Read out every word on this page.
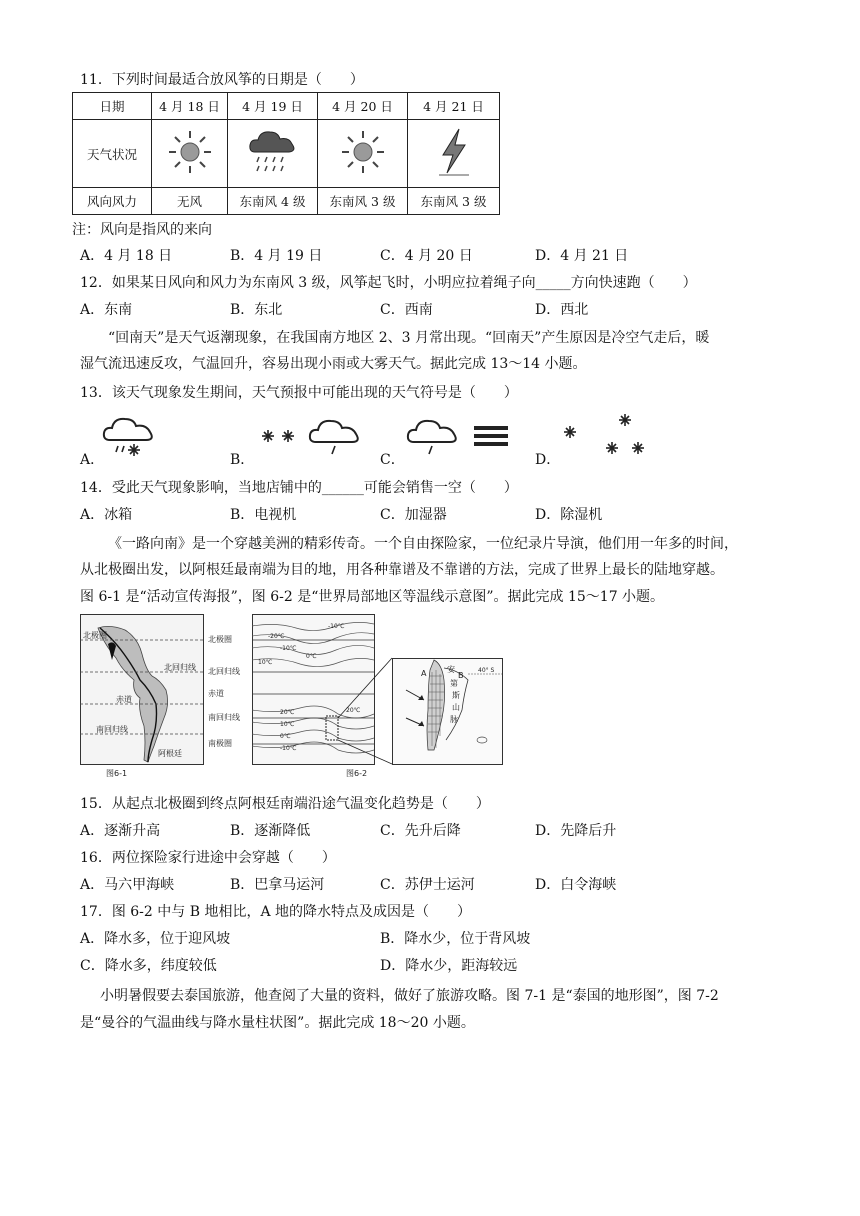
11．下列时间最适合放风筝的日期是（　　）
日期	4 月 18 日	4 月 19 日	4 月 20 日	4 月 21 日
天气状况				
风向风力	无风	东南风 4 级	东南风 3 级	东南风 3 级
注：风向是指风的来向
A．4 月 18 日	B．4 月 19 日	C．4 月 20 日	D．4 月 21 日
12．如果某日风向和风力为东南风 3 级，风筝起飞时，小明应拉着绳子向_____方向快速跑（　　）
A．东南	B．东北	C．西南	D．西北
“回南天”是天气返潮现象，在我国南方地区 2、3 月常出现。“回南天”产生原因是冷空气走后，暖
湿气流迅速反攻，气温回升，容易出现小雨或大雾天气。据此完成 13～14 小题。
13．该天气现象发生期间，天气预报中可能出现的天气符号是（　　）
A．	B．	C．	D．
14．受此天气现象影响，当地店铺中的______可能会销售一空（　　）
A．冰箱	B．电视机	C．加湿器	D．除湿机
《一路向南》是一个穿越美洲的精彩传奇。一个自由探险家，一位纪录片导演，他们用一年多的时间，
从北极圈出发，以阿根廷最南端为目的地，用各种靠谱及不靠谱的方法，完成了世界上最长的陆地穿越。
图 6-1 是“活动宣传海报”，图 6-2 是“世界局部地区等温线示意图”。据此完成 15～17 小题。
北极圈
北回归线
赤道
南回归线
阿根廷
图6-1
北极圈
北回归线
赤道
南回归线
南极圈
-10℃
-20℃
-10℃
0℃
10℃
20℃	20℃
10℃
0℃
-10℃
图6-2
40° S
A	B
安
第
斯
山
脉
15．从起点北极圈到终点阿根廷南端沿途气温变化趋势是（　　）
A．逐渐升高	B．逐渐降低	C．先升后降	D．先降后升
16．两位探险家行进途中会穿越（　　）
A．马六甲海峡	B．巴拿马运河	C．苏伊士运河	D．白令海峡
17．图 6-2 中与 B 地相比，A 地的降水特点及成因是（　　）
A．降水多，位于迎风坡	B．降水少，位于背风坡
C．降水多，纬度较低	D．降水少，距海较远
小明暑假要去泰国旅游，他查阅了大量的资料，做好了旅游攻略。图 7-1 是“泰国的地形图”，图 7-2
是“曼谷的气温曲线与降水量柱状图”。据此完成 18～20 小题。
